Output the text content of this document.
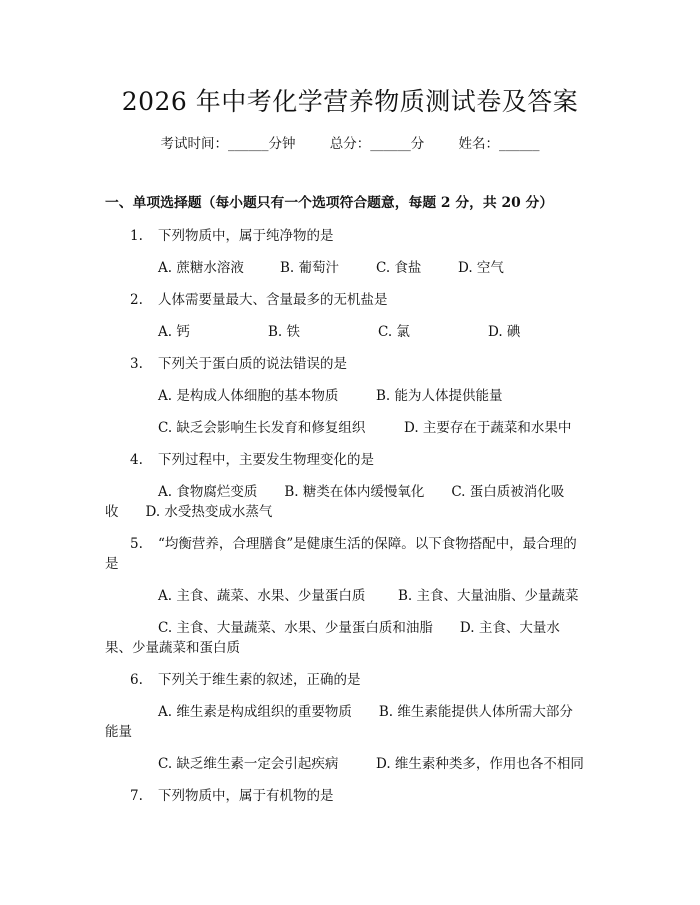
2026 年中考化学营养物质测试卷及答案
考试时间：______分钟	总分：______分	姓名：______
一、单项选择题（每小题只有一个选项符合题意，每题 2 分，共 20 分）
1. 下列物质中，属于纯净物的是
A. 蔗糖水溶液	B. 葡萄汁	C. 食盐	D. 空气
2. 人体需要量最大、含量最多的无机盐是
A. 钙	B. 铁	C. 氯	D. 碘
3. 下列关于蛋白质的说法错误的是
A. 是构成人体细胞的基本物质	B. 能为人体提供能量
C. 缺乏会影响生长发育和修复组织	D. 主要存在于蔬菜和水果中
4. 下列过程中，主要发生物理变化的是
A. 食物腐烂变质　　B. 糖类在体内缓慢氧化　　C. 蛋白质被消化吸
收　　D. 水受热变成水蒸气
5. “均衡营养，合理膳食”是健康生活的保障。以下食物搭配中，最合理的
是
A. 主食、蔬菜、水果、少量蛋白质 B. 主食、大量油脂、少量蔬菜
C. 主食、大量蔬菜、水果、少量蛋白质和油脂　　D. 主食、大量水
果、少量蔬菜和蛋白质
6. 下列关于维生素的叙述，正确的是
A. 维生素是构成组织的重要物质　　B. 维生素能提供人体所需大部分
能量
C. 缺乏维生素一定会引起疾病	D. 维生素种类多，作用也各不相同
7. 下列物质中，属于有机物的是
